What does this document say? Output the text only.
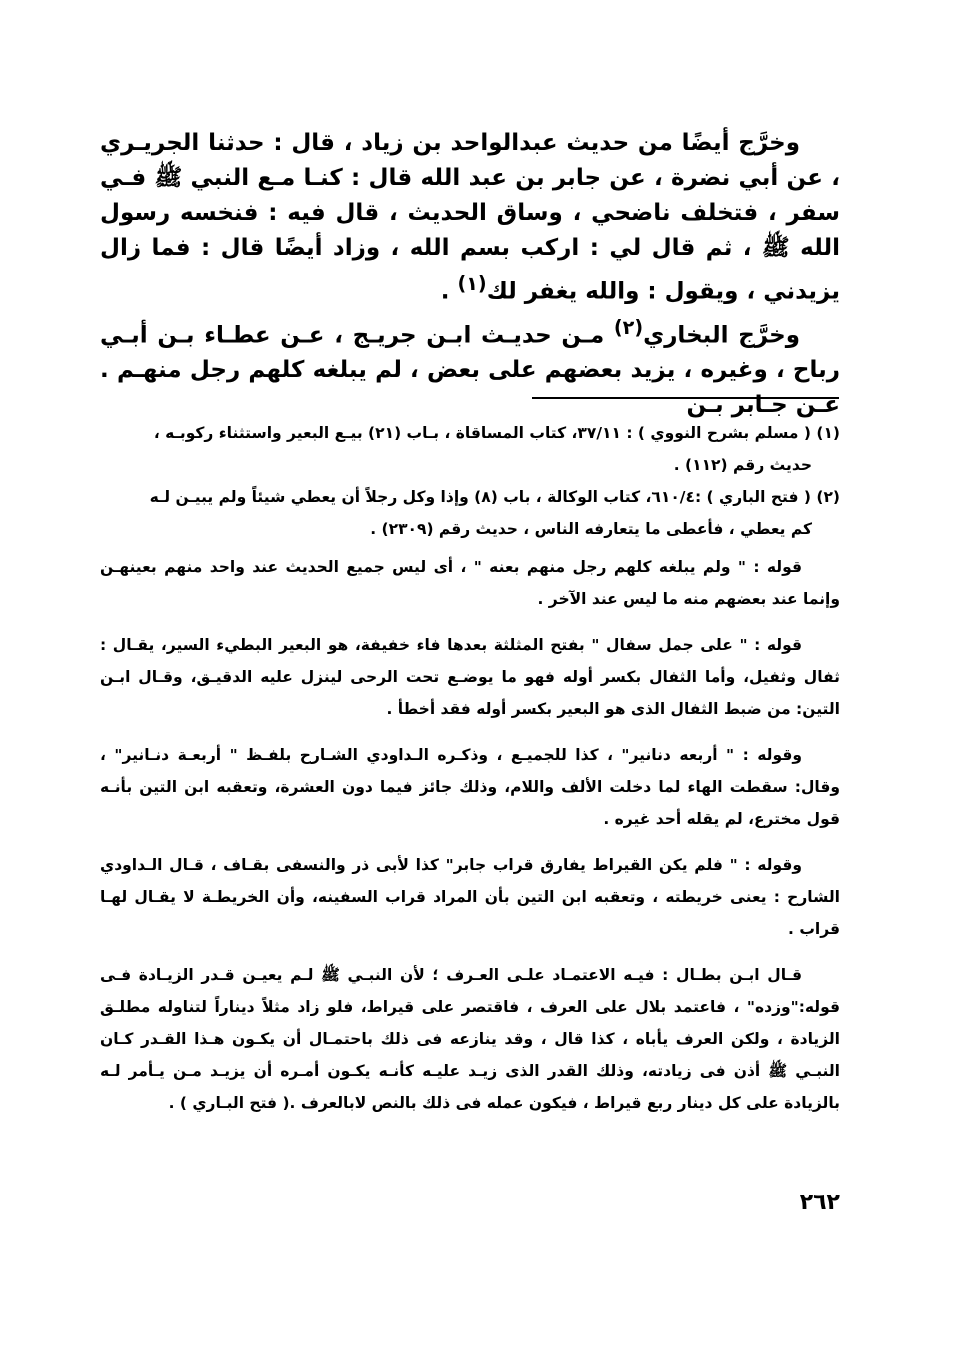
وخرَّج أيضًا من حديث عبدالواحد بن زياد ، قال : حدثنا الجريـري ، عن أبي نضرة ، عن جابر بن عبد الله قال : كنـا مـع النبي ﷺ فـي سفر ، فتخلف ناضحي ، وساق الحديث ، قال فيه : فنخسه رسول الله ﷺ ، ثم قال لي : اركب بسم الله ، وزاد أيضًا قال : فما زال يزيدني ، ويقول : والله يغفر لك$^{(١)}$ .

وخرَّج البخاري$^{(٢)}$ مـن حديـث ابـن جريـج ، عـن عطـاء بـن أبـي رباح ، وغيره ، يزيد بعضهم على بعض ، لم يبلغه كلهم رجل منهـم . عـن جـابر بـن

(١) ( مسلم بشرح النووي ) : ٣٧/١١، كتاب المساقاة ، بـاب (٢١) بيـع البعير واستثناء ركوبـه ،

حديث رقم (١١٢) .

(٢) ( فتح الباري ) :٦١٠/٤، كتاب الوكالة ، باب (٨) وإذا وكل رجلاً أن يعطي شيئاً ولم يبيـن لـه

كم يعطي ، فأعطى ما يتعارفه الناس ، حديث رقم (٢٣٠٩) .

قوله : " ولم يبلغه كلهم رجل منهم بعنه " ، أى ليس جميع الحديث عند واحد منهم بعينهـن وإنما عند بعضهم منه ما ليس عند الآخر .

قوله : " على جمل سفال " بفتح المثلثة بعدها فاء خفيفة، هو البعير البطيء السير، يقـال : ثفال وثفيل، وأما الثفال بكسر أوله فهو ما يوضـع تحت الرحى لينزل عليه الدقيـق، وقـال ابـن التين: من ضبط الثفال الذى هو البعير بكسر أوله فقد أخطأ .

وقوله : " أربعه دنانير" ، كذا للجميـع ، وذكـره الـداودي الشـارح بلفـظ " أربعـة دنـانير" ، وقال: سقطت الهاء لما دخلت الألف واللام، وذلك جائز فيما دون العشرة، وتعقبه ابن التين بأنـه قول مخترع، لم يقله أحد غيره .

وقوله : " فلم يكن القيراط يفارق قراب جابر" كذا لأبى ذر والنسفى بقـاف ، قـال الـداودي الشارح : يعنى خريطته ، وتعقبه ابن التين بأن المراد قراب السفينه، وأن الخريطـة لا يقـال لهـا قراب .

قـال ابـن بطـال : فيـه الاعتمـاد علـى العـرف ؛ لأن النبـي ﷺ لـم يعيـن قـدر الزيـادة فـى قوله:"وزده" ، فاعتمد بلال على العرف ، فاقتصر على قيراط، فلو زاد مثلاً ديناراً لتناوله مطلـق الزيادة ، ولكن العرف يأباه ، كذا قال ، وقد ينازعه فى ذلك باحتمـال أن يكـون هـذا القـدر كـان النبـي ﷺ أذن فى زيادته، وذلك القدر الذى زيـد عليـه كأنـه يكـون أمـره أن يزيـد مـن يـأمر لـه بالزيادة على كل دينار ربع قيراط ، فيكون عمله فى ذلك بالنص لابالعرف .( فتح البـاري ) .

٢٦٢
